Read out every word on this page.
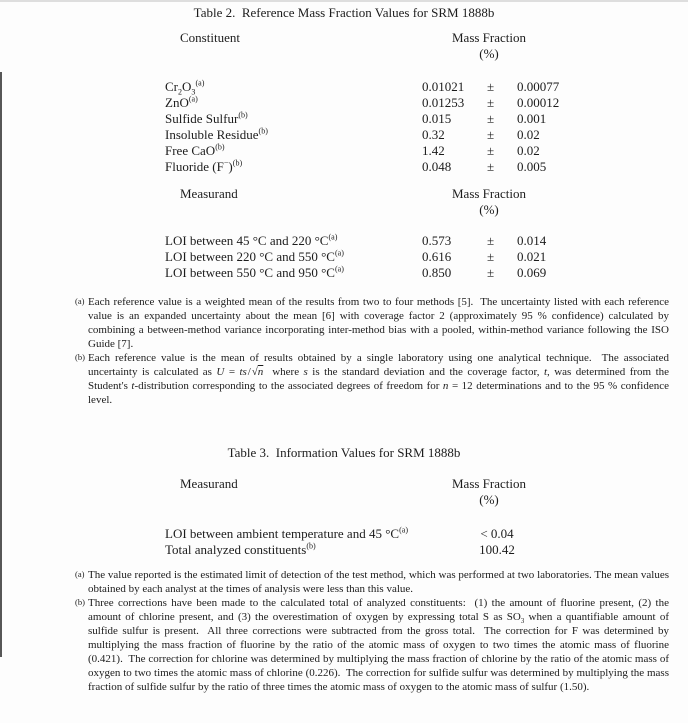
Table 2.  Reference Mass Fraction Values for SRM 1888b
Constituent	Mass Fraction
(%)
$Cr_2O_3^{(a)}$	0.01021	±	0.00077
ZnO$^{(a)}$	0.01253	±	0.00012
Sulfide Sulfur$^{(b)}$	0.015	±	0.001
Insoluble Residue$^{(b)}$	0.32	±	0.02
Free CaO$^{(b)}$	1.42	±	0.02
Fluoride $(F^-)^{(b)}$	0.048	±	0.005
Measurand	Mass Fraction
(%)
LOI between 45 °C and 220 $^\circ C^{(a)}$	0.573	±	0.014
LOI between 220 °C and 550 $^\circ C^{(a)}$	0.616	±	0.021
LOI between 550 °C and 950 $^\circ C^{(a)}$	0.850	±	0.069
(a) Each reference value is a weighted mean of the results from two to four methods [5].  The uncertainty listed with each reference value is an expanded uncertainty about the mean [6] with coverage factor 2 (approximately 95 % confidence) calculated by combining a between-method variance incorporating inter-method bias with a pooled, within-method variance following the ISO Guide [7].
(b) Each reference value is the mean of results obtained by a single laboratory using one analytical technique.  The associated uncertainty is calculated as U = ts / √n  where s is the standard deviation and the coverage factor, t, was determined from the Student's t-distribution corresponding to the associated degrees of freedom for n = 12 determinations and to the 95 % confidence level.
Table 3.  Information Values for SRM 1888b
Measurand	Mass Fraction
(%)
LOI between ambient temperature and 45 $^\circ C^{(a)}$	< 0.04
Total analyzed constituents$^{(b)}$	100.42
(a) The value reported is the estimated limit of detection of the test method, which was performed at two laboratories. The mean values obtained by each analyst at the times of analysis were less than this value.
(b) Three corrections have been made to the calculated total of analyzed constituents:  (1) the amount of fluorine present, (2) the amount of chlorine present, and (3) the overestimation of oxygen by expressing total S as $SO_3$ when a quantifiable amount of sulfide sulfur is present.  All three corrections were subtracted from the gross total.  The correction for F was determined by multiplying the mass fraction of fluorine by the ratio of the atomic mass of oxygen to two times the atomic mass of fluorine (0.421).  The correction for chlorine was determined by multiplying the mass fraction of chlorine by the ratio of the atomic mass of oxygen to two times the atomic mass of chlorine (0.226).  The correction for sulfide sulfur was determined by multiplying the mass fraction of sulfide sulfur by the ratio of three times the atomic mass of oxygen to the atomic mass of sulfur (1.50).
